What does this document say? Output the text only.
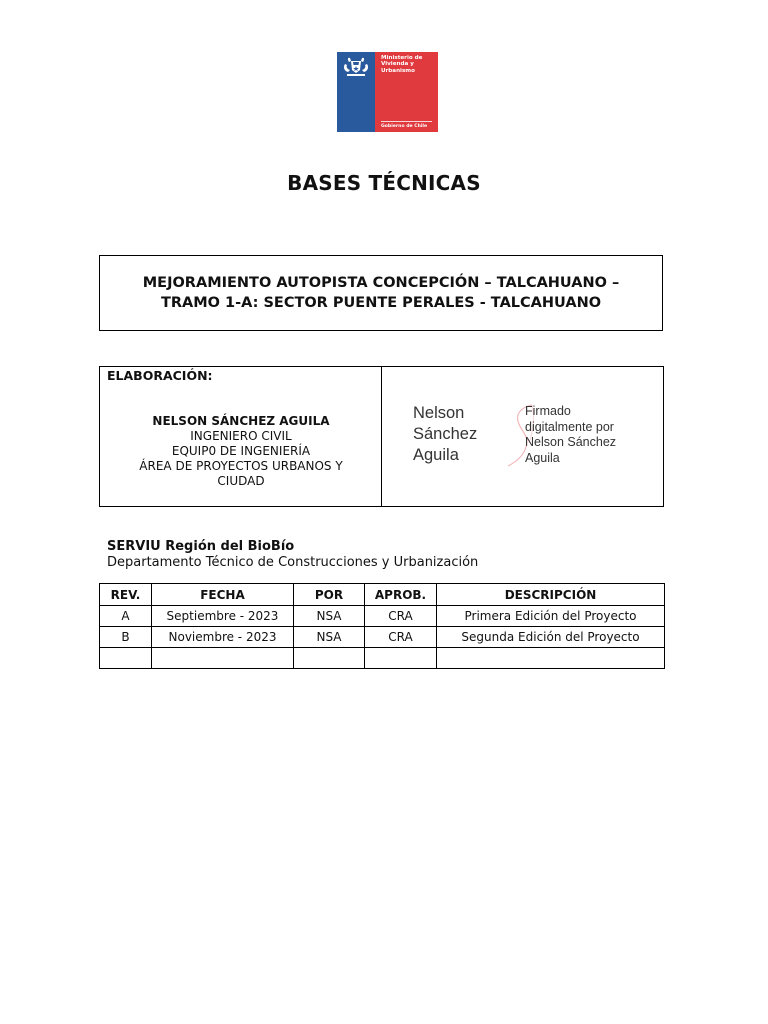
Ministerio de
Vivienda y
Urbanismo
Gobierno de Chile
BASES TÉCNICAS
MEJORAMIENTO AUTOPISTA CONCEPCIÓN – TALCAHUANO –
TRAMO 1-A: SECTOR PUENTE PERALES - TALCAHUANO
ELABORACIÓN:
NELSON SÁNCHEZ AGUILA
INGENIERO CIVIL
EQUIP0 DE INGENIERÍA
ÁREA DE PROYECTOS URBANOS Y
CIUDAD
Nelson
Sánchez
Aguila
Firmado
digitalmente por
Nelson Sánchez
Aguila
SERVIU Región del BioBío
Departamento Técnico de Construcciones y Urbanización
REV.	FECHA	POR	APROB.	DESCRIPCIÓN
A	Septiembre - 2023	NSA	CRA	Primera Edición del Proyecto
B	Noviembre - 2023	NSA	CRA	Segunda Edición del Proyecto
